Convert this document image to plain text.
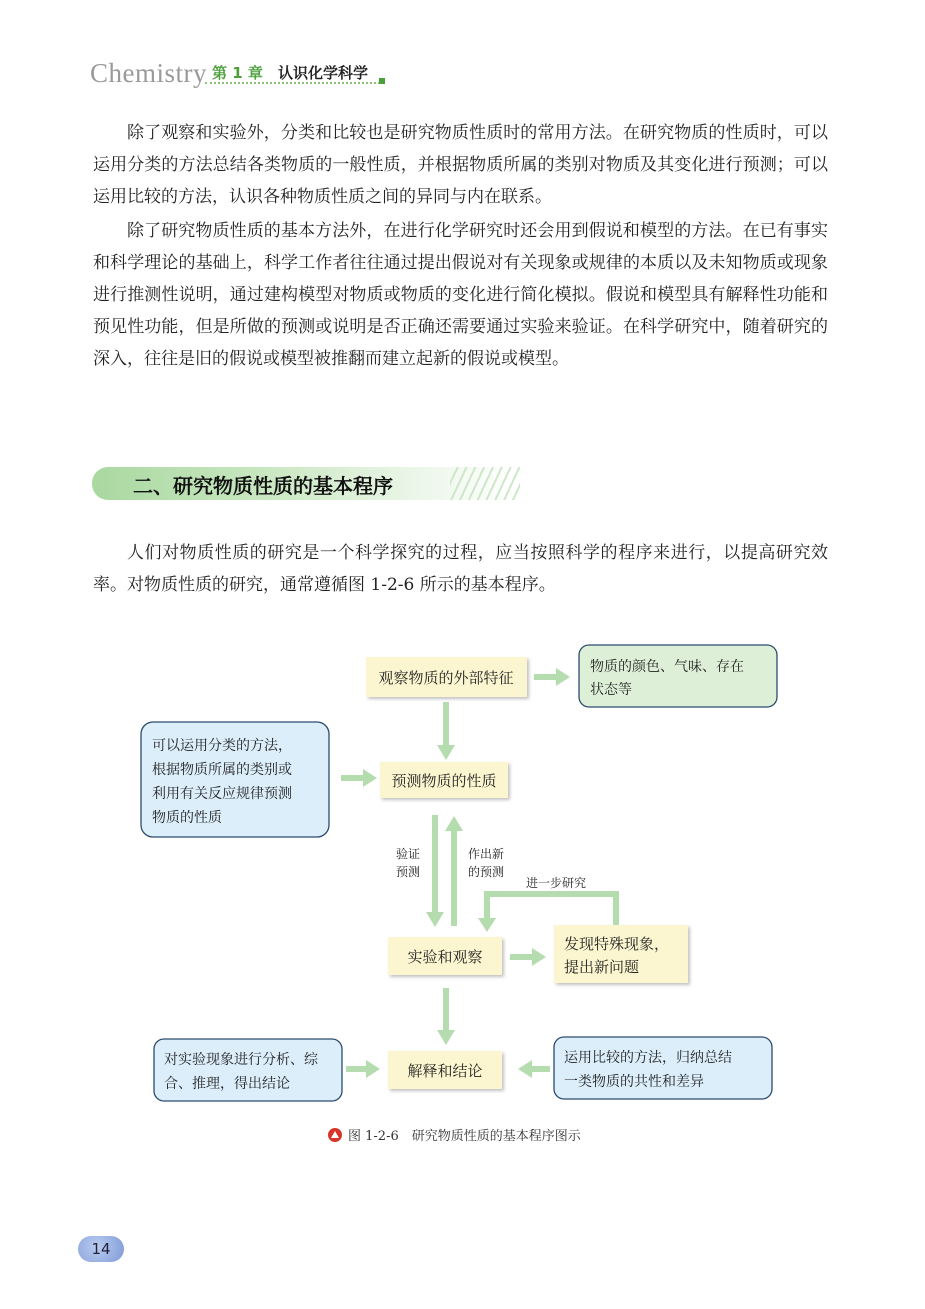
Chemistry 第 1 章 认识化学科学

除了观察和实验外，分类和比较也是研究物质性质时的常用方法。在研究物质的性质时，可以运用分类的方法总结各类物质的一般性质，并根据物质所属的类别对物质及其变化进行预测；可以运用比较的方法，认识各种物质性质之间的异同与内在联系。

除了研究物质性质的基本方法外，在进行化学研究时还会用到假说和模型的方法。在已有事实和科学理论的基础上，科学工作者往往通过提出假说对有关现象或规律的本质以及未知物质或现象进行推测性说明，通过建构模型对物质或物质的变化进行简化模拟。假说和模型具有解释性功能和预见性功能，但是所做的预测或说明是否正确还需要通过实验来验证。在科学研究中，随着研究的深入，往往是旧的假说或模型被推翻而建立起新的假说或模型。

二、研究物质性质的基本程序

人们对物质性质的研究是一个科学探究的过程，应当按照科学的程序来进行，以提高研究效率。对物质性质的研究，通常遵循图 1-2-6 所示的基本程序。

观察物质的外部特征
物质的颜色、气味、存在
状态等
可以运用分类的方法，
根据物质所属的类别或
利用有关反应规律预测
物质的性质
预测物质的性质
验证
预测
作出新
的预测
进一步研究
实验和观察
发现特殊现象，
提出新问题
对实验现象进行分析、综
合、推理，得出结论
解释和结论
运用比较的方法，归纳总结
一类物质的共性和差异
图 1-2-6　研究物质性质的基本程序图示
14
